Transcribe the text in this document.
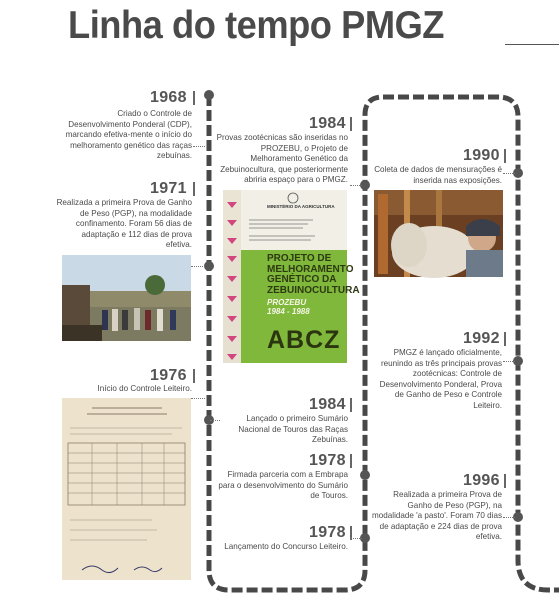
Linha do tempo PMGZ
1968
Criado o Controle de Desenvolvimento Ponderal (CDP), marcando efetiva-mente o início do melhoramento genético das raças zebuínas.
1971
Realizada a primeira Prova de Ganho de Peso (PGP), na modalidade confinamento. Foram 56 dias de adaptação e 112 dias de prova efetiva.
1976
Início do Controle Leiteiro.
1984
Provas zootécnicas são inseridas no PROZEBU, o Projeto de Melhoramento Genético da Zebuinocultura, que posteriormente abriria espaço para o PMGZ.
MINISTÉRIO DA AGRICULTURA
PROJETO DE MELHORAMENTO GENÉTICO DA ZEBUINOCULTURA
PROZEBU
1984 - 1988
ABCZ
1984
Lançado o primeiro Sumário Nacional de Touros das Raças Zebuínas.
1978
Firmada parceria com a Embrapa para o desenvolvimento do Sumário de Touros.
1978
Lançamento do Concurso Leiteiro.
1990
Coleta de dados de mensurações é inserida nas exposições.
1992
PMGZ é lançado oficialmente, reunindo as três principais provas zootécnicas: Controle de Desenvolvimento Ponderal, Prova de Ganho de Peso e Controle Leiteiro.
1996
Realizada a primeira Prova de Ganho de Peso (PGP), na modalidade 'a pasto'. Foram 70 dias de adaptação e 224 dias de prova efetiva.
